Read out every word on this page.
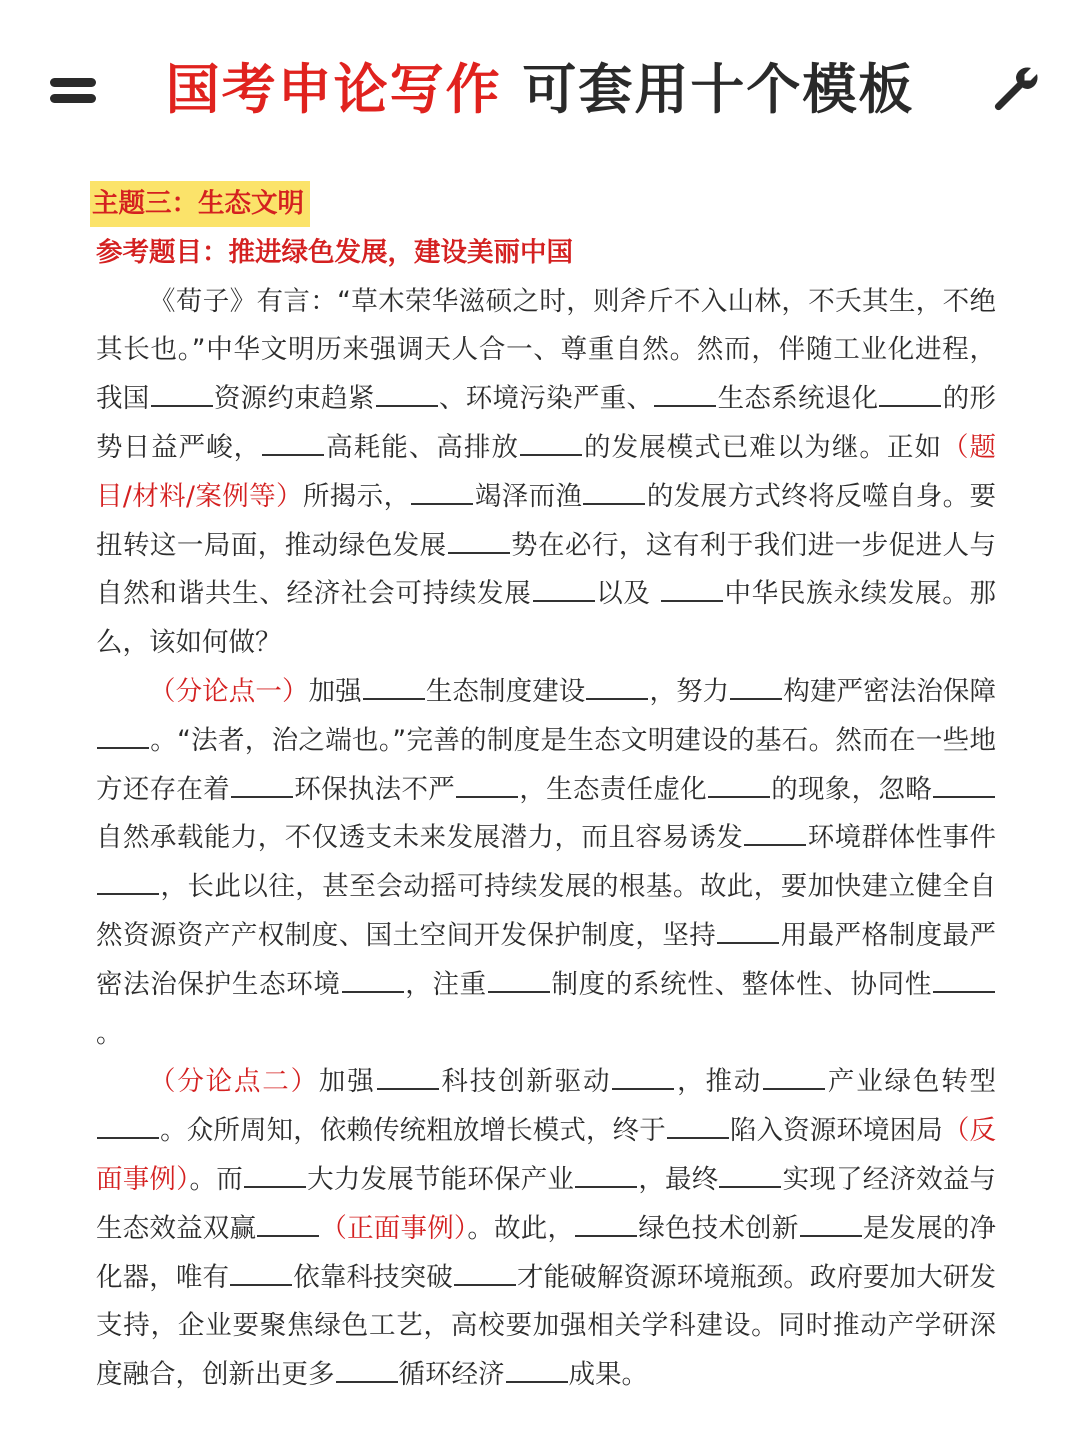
国考申论写作 可套用十个模板
主题三：生态文明
参考题目：推进绿色发展，建设美丽中国

《荀子》有言：“草木荣华滋硕之时，则斧斤不入山林，不夭其生，不绝其长也。”中华文明历来强调天人合一、尊重自然。然而，伴随工业化进程，我国 资源约束趋紧 、环境污染严重、 生态系统退化 的形势日益严峻， 高耗能、高排放 的发展模式已难以为继。正如（题目/材料/案例等）所揭示， 竭泽而渔 的发展方式终将反噬自身。要扭转这一局面，推动绿色发展 势在必行，这有利于我们进一步促进人与自然和谐共生、经济社会可持续发展 以及	中华民族永续发展。那么，该如何做？

（分论点一）加强 生态制度建设 ，努力 构建严密法治保障。“法者，治之端也。”完善的制度是生态文明建设的基石。然而在一些地方还存在着 环保执法不严 ，生态责任虚化 的现象，忽略自然承载能力，不仅透支未来发展潜力，而且容易诱发 环境群体性事件，长此以往，甚至会动摇可持续发展的根基。故此，要加快建立健全自然资源资产产权制度、国土空间开发保护制度，坚持 用最严格制度最严密法治保护生态环境 ，注重 制度的系统性、整体性、协同性。

（分论点二）加强 科技创新驱动 ，推动 产业绿色转型。众所周知，依赖传统粗放增长模式，终于 陷入资源环境困局（反面事例）。而 大力发展节能环保产业 ，最终 实现了经济效益与生态效益双赢 （正面事例）。故此， 绿色技术创新 是发展的净化器，唯有 依靠科技突破 才能破解资源环境瓶颈。政府要加大研发支持，企业要聚焦绿色工艺，高校要加强相关学科建设。同时推动产学研深度融合，创新出更多 循环经济 成果。
